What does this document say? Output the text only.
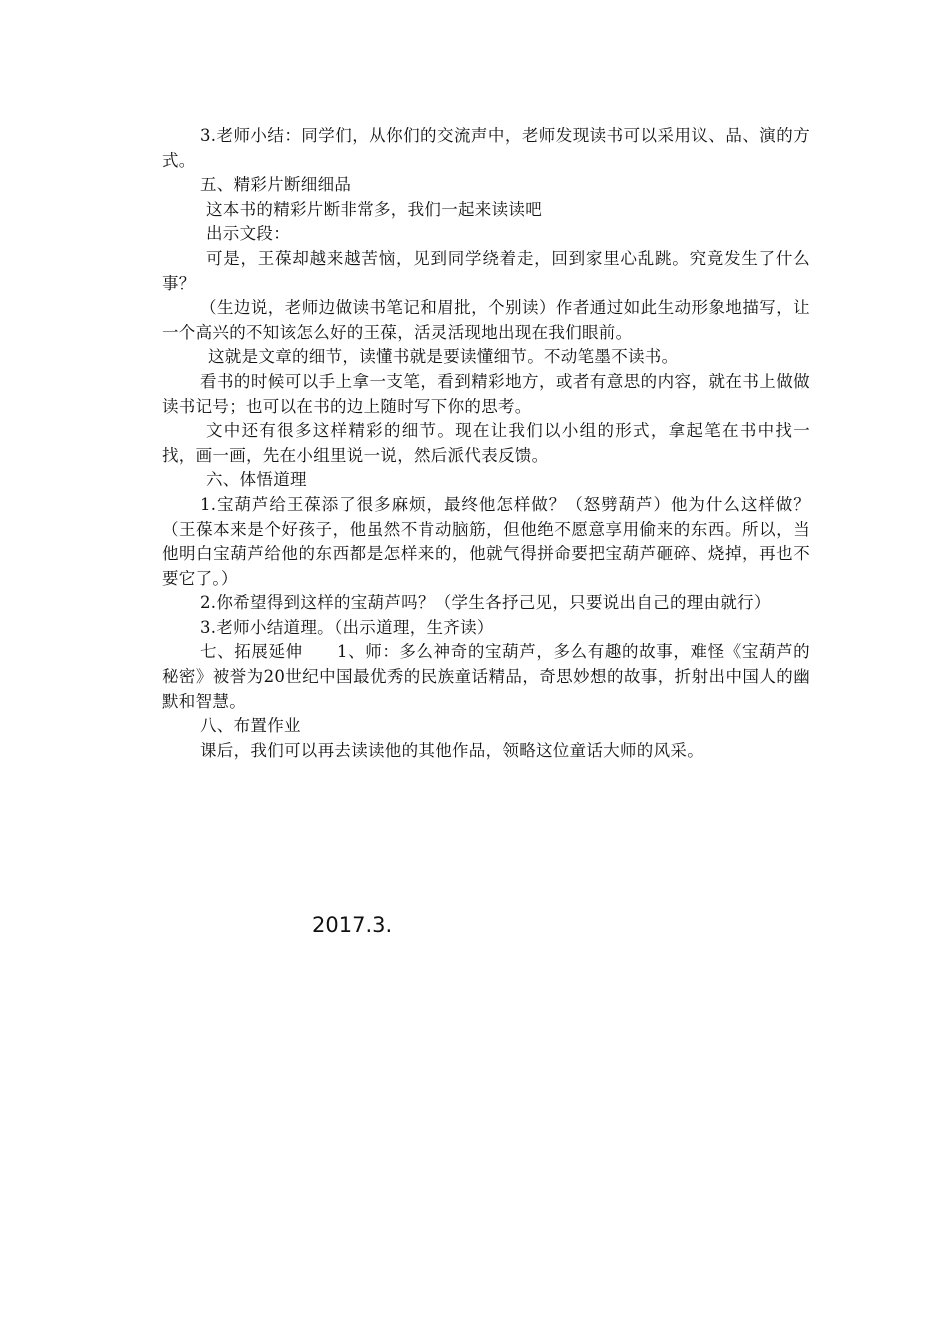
3.老师小结：同学们，从你们的交流声中，老师发现读书可以采用议、品、演的方式。

五、精彩片断细细品

这本书的精彩片断非常多，我们一起来读读吧

出示文段：

可是，王葆却越来越苦恼，见到同学绕着走，回到家里心乱跳。究竟发生了什么事？

（生边说，老师边做读书笔记和眉批，个别读）作者通过如此生动形象地描写，让一个高兴的不知该怎么好的王葆，活灵活现地出现在我们眼前。

这就是文章的细节，读懂书就是要读懂细节。不动笔墨不读书。

看书的时候可以手上拿一支笔，看到精彩地方，或者有意思的内容，就在书上做做读书记号；也可以在书的边上随时写下你的思考。

文中还有很多这样精彩的细节。现在让我们以小组的形式，拿起笔在书中找一找，画一画，先在小组里说一说，然后派代表反馈。

六、体悟道理

1.宝葫芦给王葆添了很多麻烦，最终他怎样做？（怒劈葫芦）他为什么这样做？　（王葆本来是个好孩子，他虽然不肯动脑筋，但他绝不愿意享用偷来的东西。所以，当他明白宝葫芦给他的东西都是怎样来的，他就气得拼命要把宝葫芦砸碎、烧掉，再也不要它了。）

2.你希望得到这样的宝葫芦吗？（学生各抒己见，只要说出自己的理由就行）

3.老师小结道理。（出示道理，生齐读）

七、拓展延伸　　1、师：多么神奇的宝葫芦，多么有趣的故事，难怪《宝葫芦的秘密》被誉为20世纪中国最优秀的民族童话精品，奇思妙想的故事，折射出中国人的幽默和智慧。

八、布置作业

课后，我们可以再去读读他的其他作品，领略这位童话大师的风采。

2017.3.
